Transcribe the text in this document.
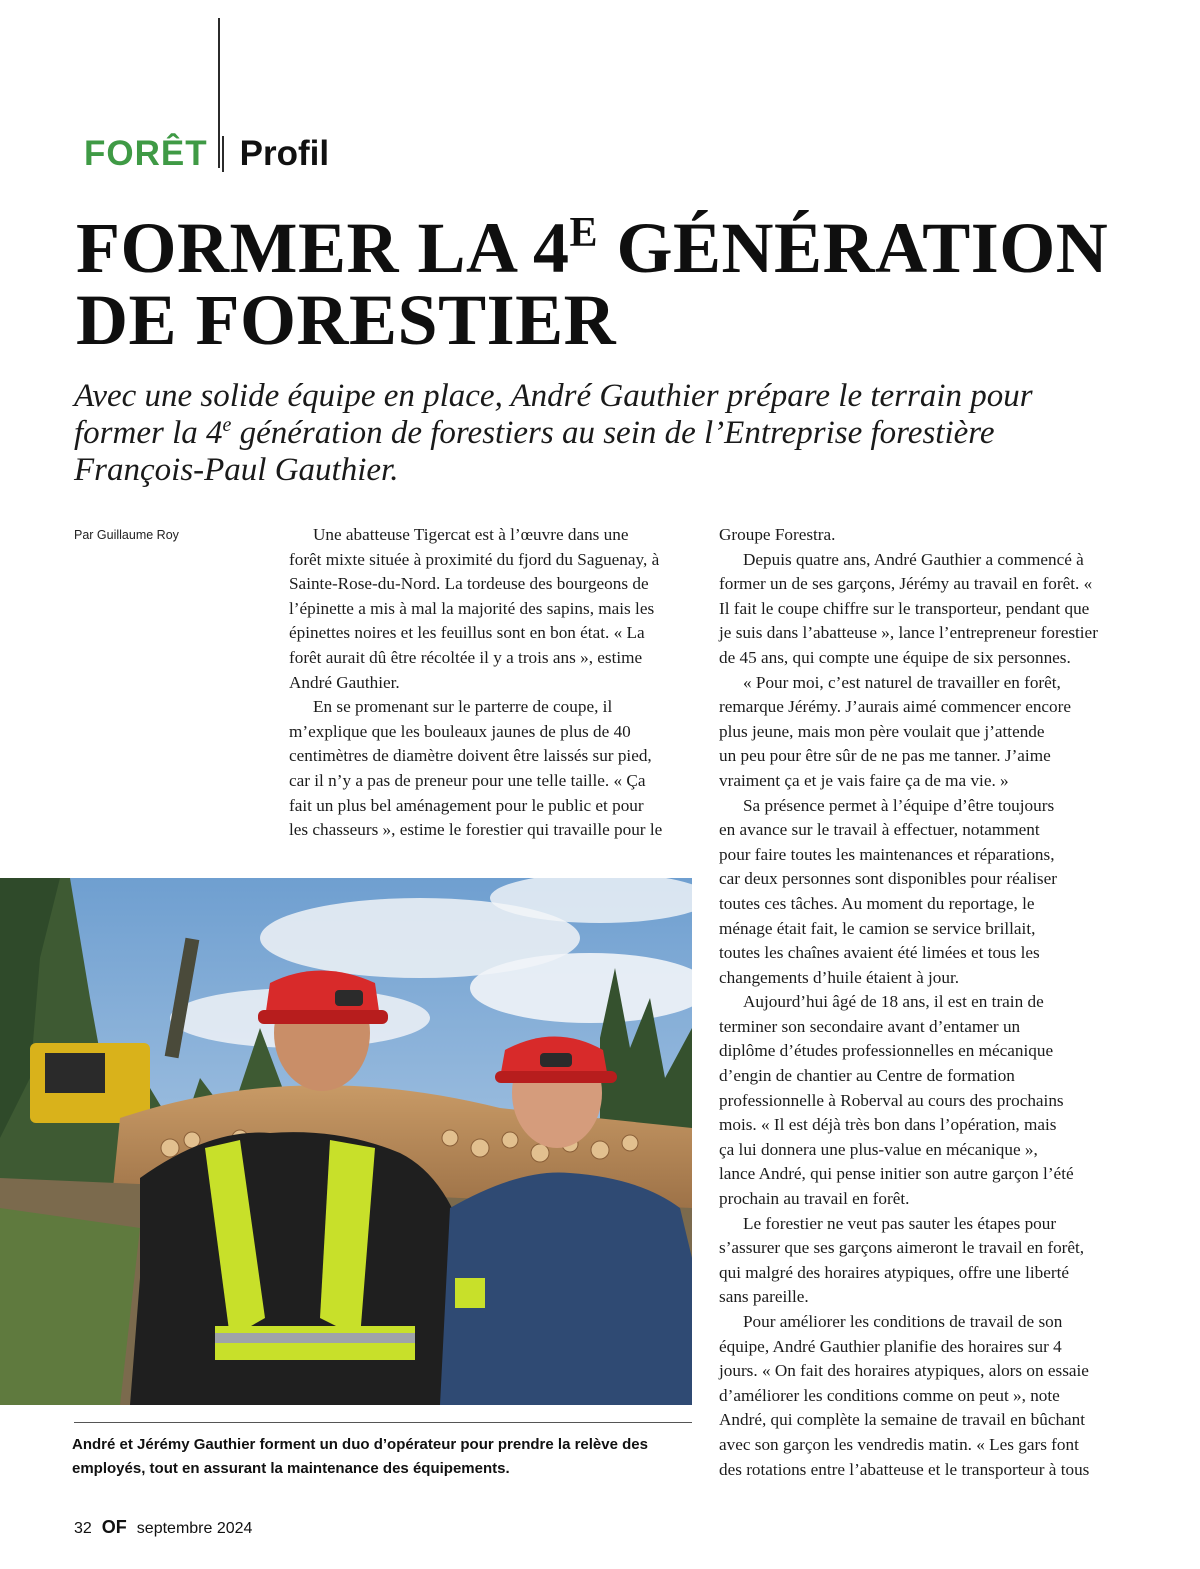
FORÊT Profil
FORMER LA $4^E$ GÉNÉRATION
DE FORESTIER
Avec une solide équipe en place, André Gauthier prépare le terrain pour
former la 4e génération de forestiers au sein de l’Entreprise forestière
François-Paul Gauthier.
Par Guillaume Roy	Une abatteuse Tigercat est à l’œuvre dans une
forêt mixte située à proximité du fjord du Saguenay, à
Sainte-Rose-du-Nord. La tordeuse des bourgeons de
l’épinette a mis à mal la majorité des sapins, mais les
épinettes noires et les feuillus sont en bon état. « La
forêt aurait dû être récoltée il y a trois ans », estime
André Gauthier.
En se promenant sur le parterre de coupe, il
m’explique que les bouleaux jaunes de plus de 40
centimètres de diamètre doivent être laissés sur pied,
car il n’y a pas de preneur pour une telle taille. « Ça
fait un plus bel aménagement pour le public et pour
les chasseurs », estime le forestier qui travaille pour le
Groupe Forestra.
Depuis quatre ans, André Gauthier a commencé à
former un de ses garçons, Jérémy au travail en forêt. «
Il fait le coupe chiffre sur le transporteur, pendant que
je suis dans l’abatteuse », lance l’entrepreneur forestier
de 45 ans, qui compte une équipe de six personnes.
« Pour moi, c’est naturel de travailler en forêt,
remarque Jérémy. J’aurais aimé commencer encore
plus jeune, mais mon père voulait que j’attende
un peu pour être sûr de ne pas me tanner. J’aime
vraiment ça et je vais faire ça de ma vie. »
Sa présence permet à l’équipe d’être toujours
en avance sur le travail à effectuer, notamment
pour faire toutes les maintenances et réparations,
car deux personnes sont disponibles pour réaliser
toutes ces tâches. Au moment du reportage, le
ménage était fait, le camion se service brillait,
toutes les chaînes avaient été limées et tous les
changements d’huile étaient à jour.
Aujourd’hui âgé de 18 ans, il est en train de
terminer son secondaire avant d’entamer un
diplôme d’études professionnelles en mécanique
d’engin de chantier au Centre de formation
professionnelle à Roberval au cours des prochains
mois. « Il est déjà très bon dans l’opération, mais
ça lui donnera une plus-value en mécanique »,
lance André, qui pense initier son autre garçon l’été
prochain au travail en forêt.
Le forestier ne veut pas sauter les étapes pour
s’assurer que ses garçons aimeront le travail en forêt,
qui malgré des horaires atypiques, offre une liberté
sans pareille.
Pour améliorer les conditions de travail de son
équipe, André Gauthier planifie des horaires sur 4
jours. « On fait des horaires atypiques, alors on essaie
d’améliorer les conditions comme on peut », note
André, qui complète la semaine de travail en bûchant
avec son garçon les vendredis matin. « Les gars font
des rotations entre l’abatteuse et le transporteur à tous
André et Jérémy Gauthier forment un duo d’opérateur pour prendre la relève des
employés, tout en assurant la maintenance des équipements.
32 OF septembre 2024
